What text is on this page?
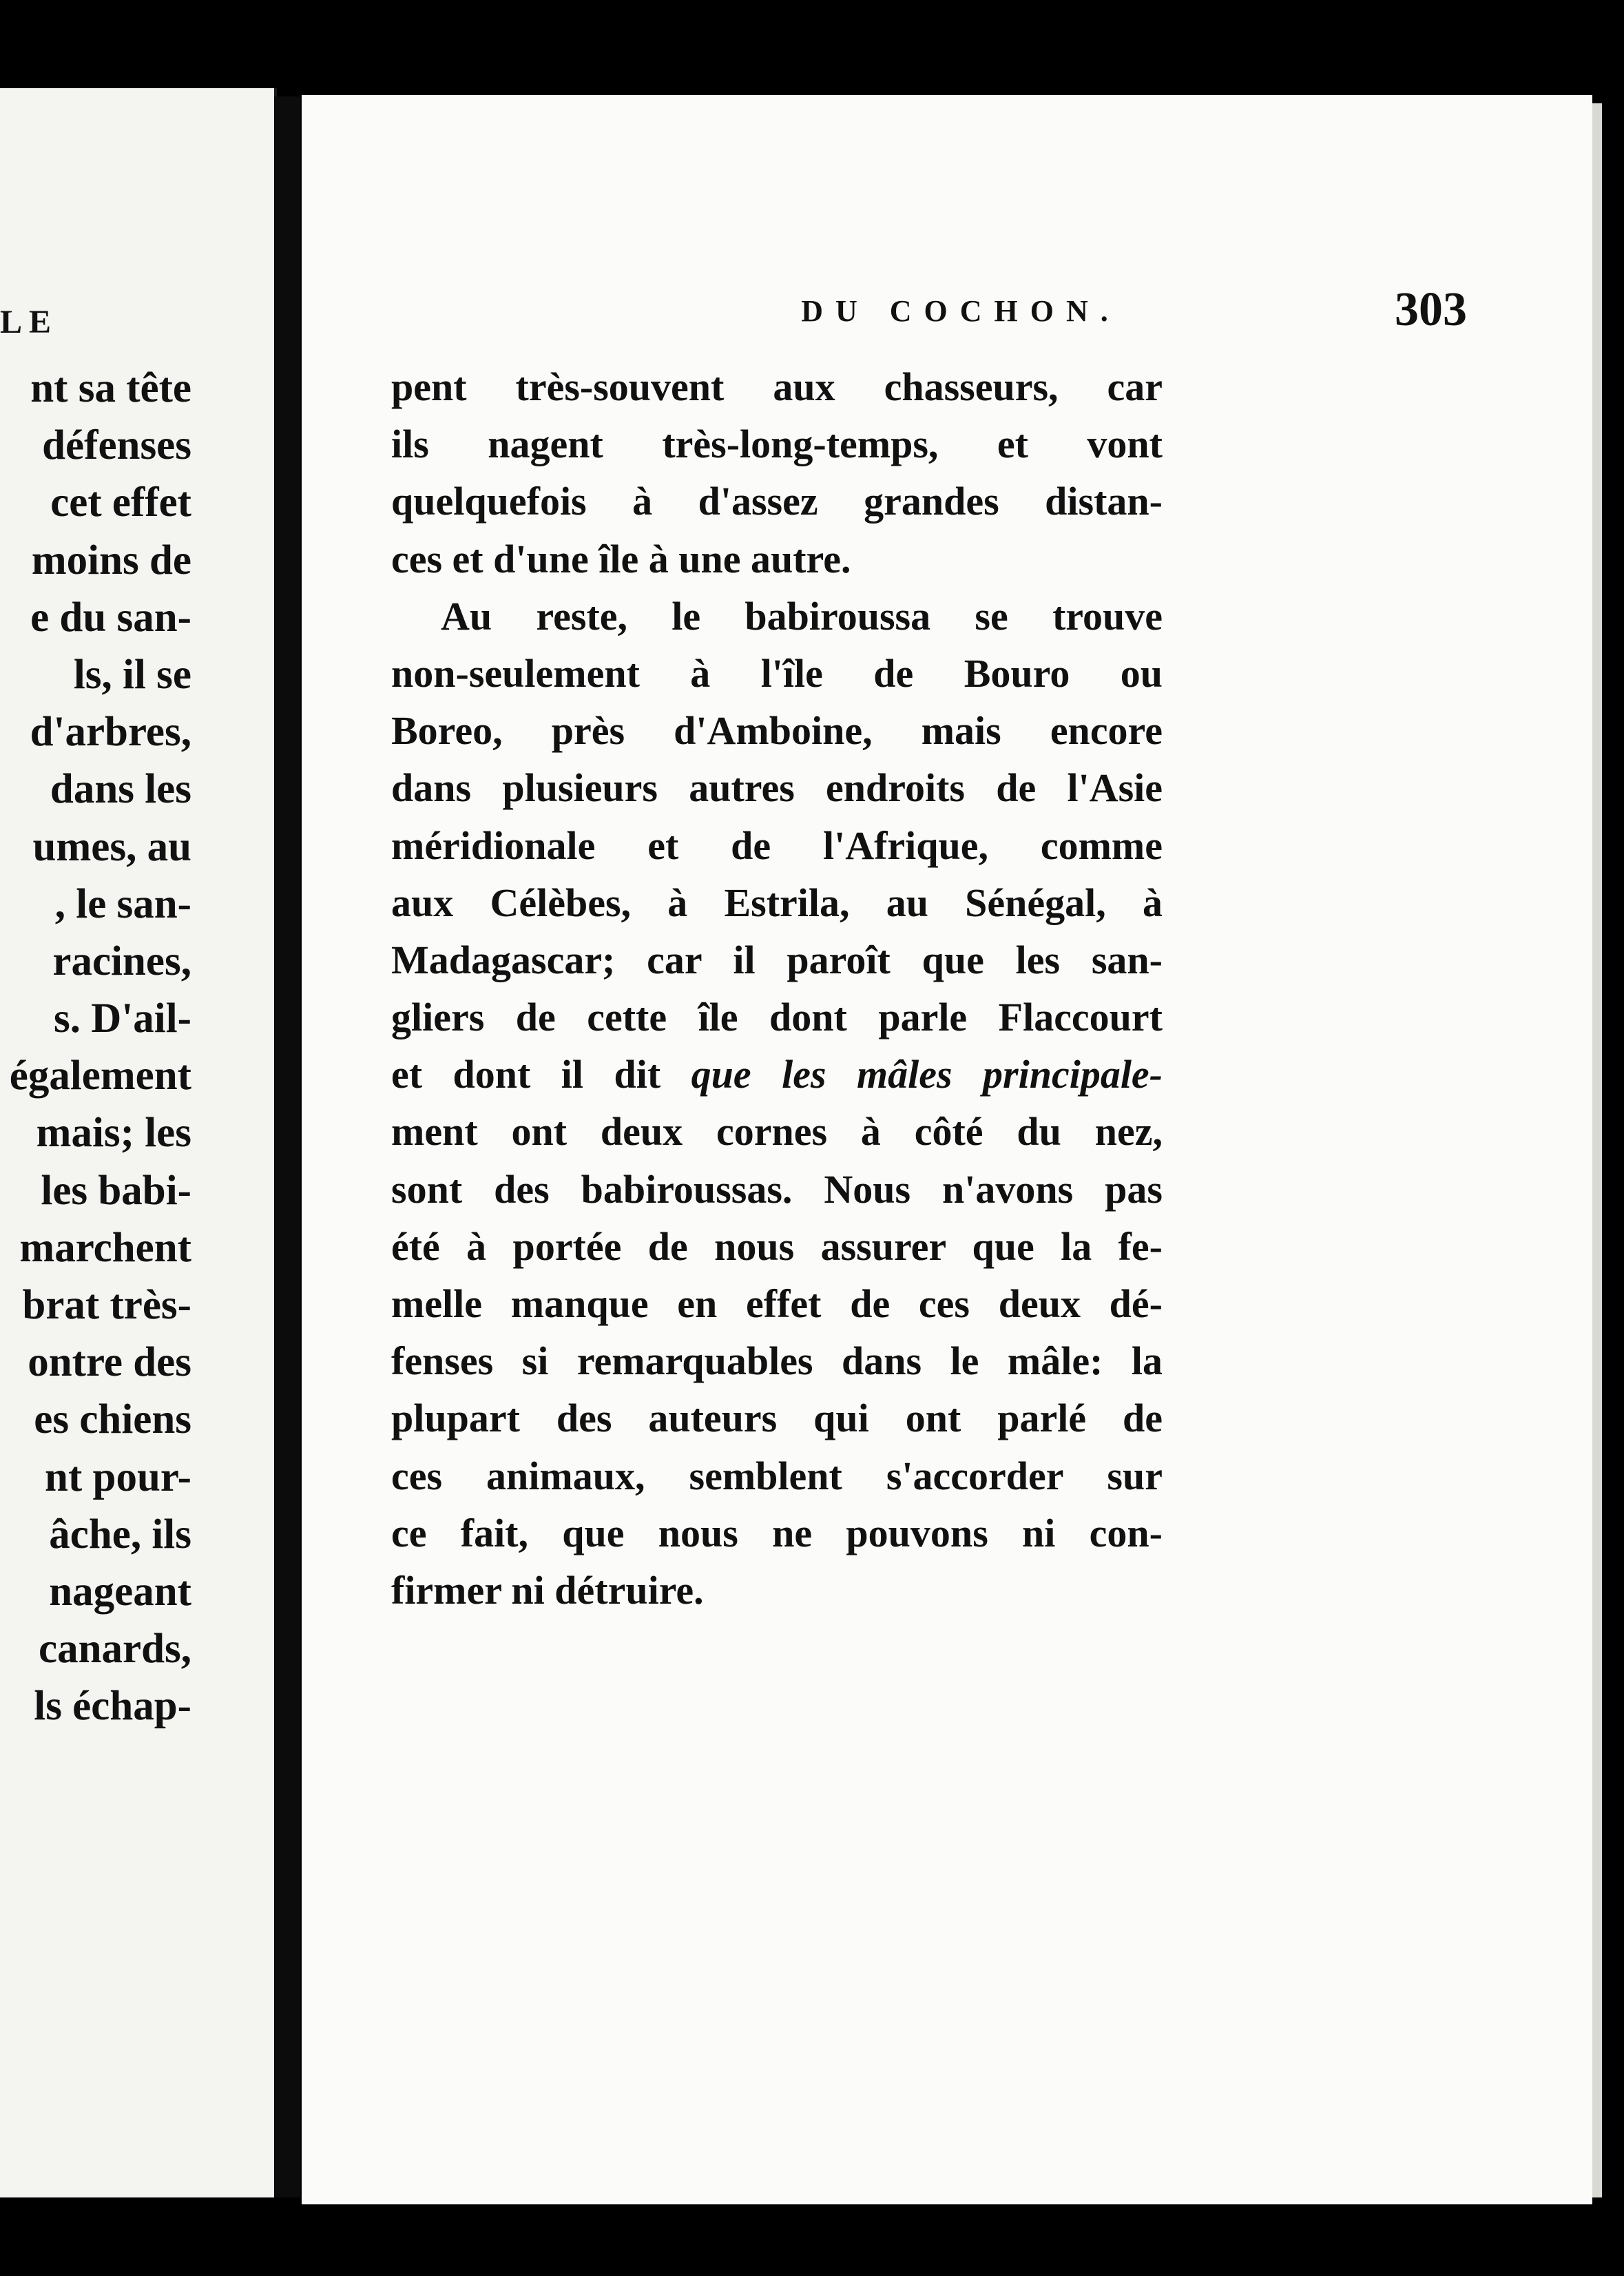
LE
nt sa tête
défenses
cet effet
moins de
e du san-
ls, il se
d'arbres,
dans les
umes, au
, le san-
racines,
s. D'ail-
également
mais; les
les babi-
marchent
brat très-
ontre des
es chiens
nt pour-
âche, ils
nageant
canards,
ls échap-
DU COCHON.	303
pent très-souvent aux chasseurs, car
ils nagent très-long-temps, et vont
quelquefois à d'assez grandes distan-
ces et d'une île à une autre.
Au reste, le babiroussa se trouve
non-seulement à l'île de Bouro ou
Boreo, près d'Amboine, mais encore
dans plusieurs autres endroits de l'Asie
méridionale et de l'Afrique, comme
aux Célèbes, à Estrila, au Sénégal, à
Madagascar; car il paroît que les san-
gliers de cette île dont parle Flaccourt
et dont il dit que les mâles principale-
ment ont deux cornes à côté du nez,
sont des babiroussas. Nous n'avons pas
été à portée de nous assurer que la fe-
melle manque en effet de ces deux dé-
fenses si remarquables dans le mâle: la
plupart des auteurs qui ont parlé de
ces animaux, semblent s'accorder sur
ce fait, que nous ne pouvons ni con-
firmer ni détruire.
